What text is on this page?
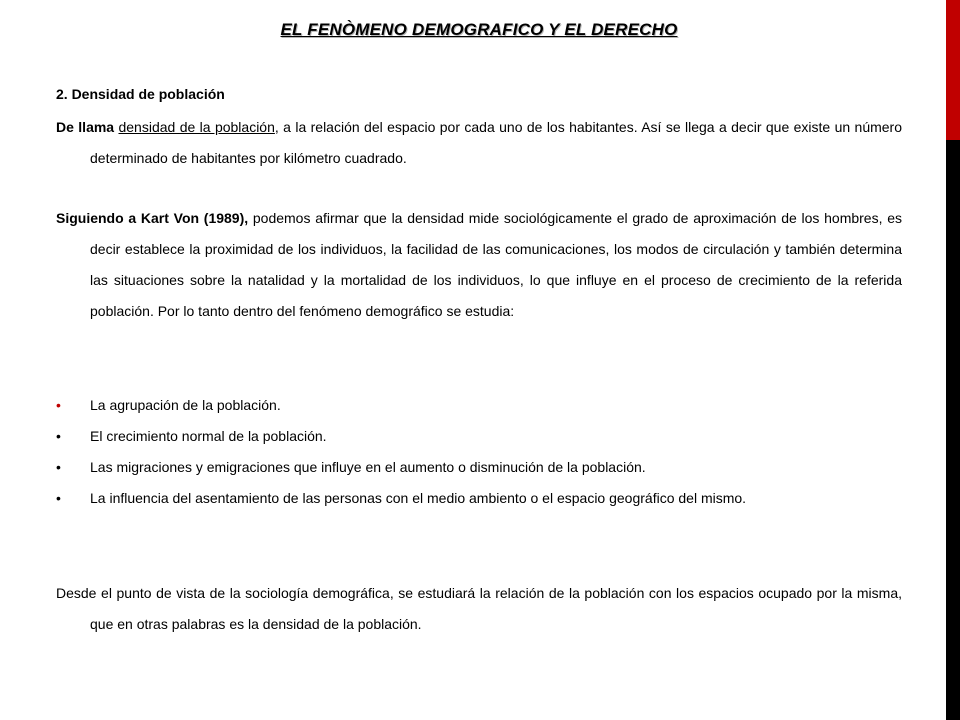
EL FENÒMENO DEMOGRAFICO Y EL DERECHO
2. Densidad de población
De llama densidad de la población, a la relación del espacio por cada uno de los habitantes. Así se llega a decir que existe un número determinado de habitantes por kilómetro cuadrado.
Siguiendo a Kart Von (1989), podemos afirmar que la densidad mide sociológicamente el grado de aproximación de los hombres, es decir establece la proximidad de los individuos, la facilidad de las comunicaciones, los modos de circulación y también determina las situaciones sobre la natalidad y la mortalidad de los individuos, lo que influye en el proceso de crecimiento de la referida población. Por lo tanto dentro del fenómeno demográfico se estudia:
•	La agrupación de la población.
•	El crecimiento normal de la población.
•	Las migraciones y emigraciones que influye en el aumento o disminución de la población.
•	La influencia del asentamiento de las personas con el medio ambiento o el espacio geográfico del mismo.
Desde el punto de vista de la sociología demográfica, se estudiará la relación de la población con los espacios ocupado por la misma, que en otras palabras es la densidad de la población.
